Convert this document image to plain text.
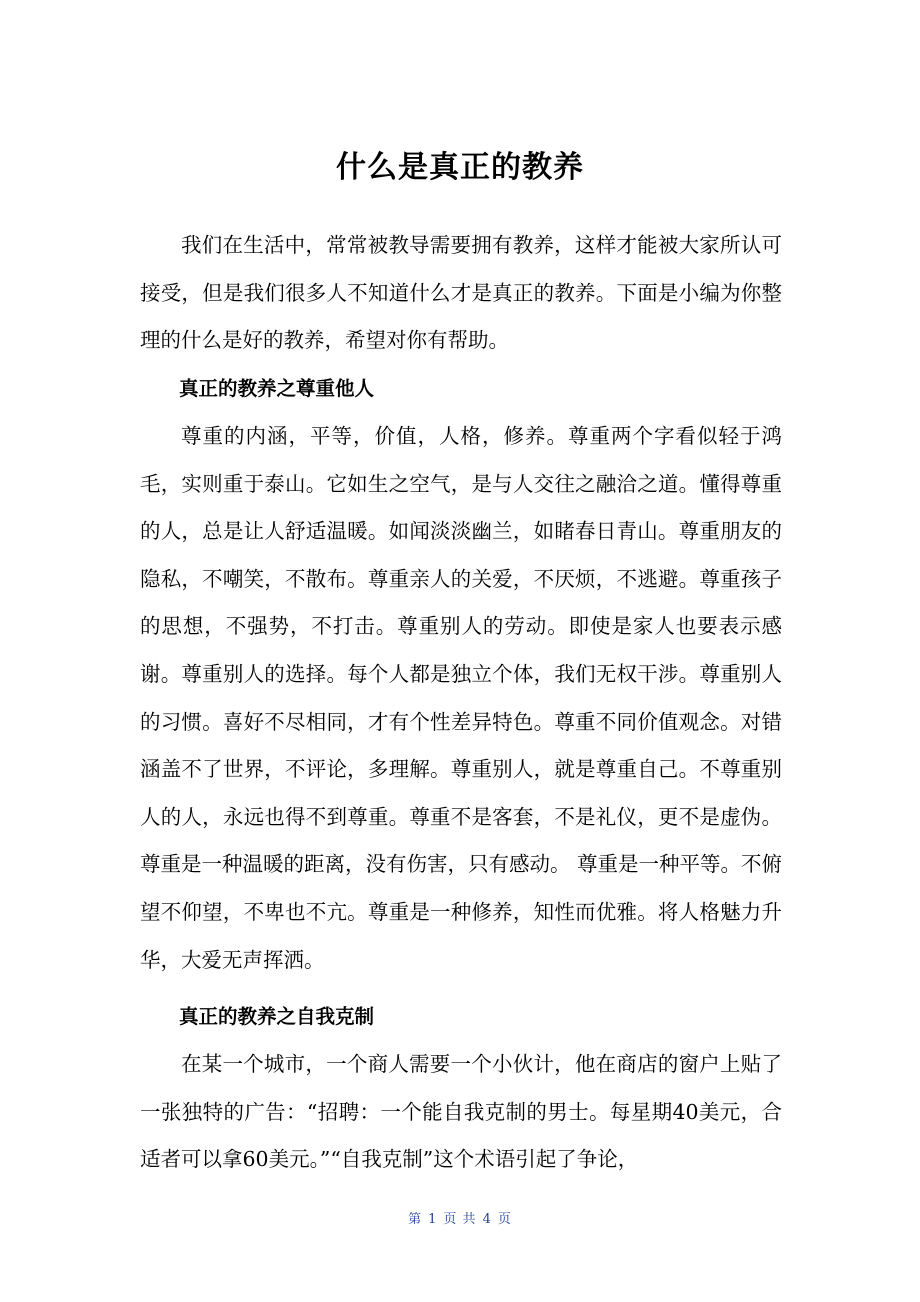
什么是真正的教养

我们在生活中，常常被教导需要拥有教养，这样才能被大家所认可接受，但是我们很多人不知道什么才是真正的教养。下面是小编为你整理的什么是好的教养，希望对你有帮助。

真正的教养之尊重他人

尊重的内涵，平等，价值，人格，修养。尊重两个字看似轻于鸿毛，实则重于泰山。它如生之空气，是与人交往之融洽之道。懂得尊重的人，总是让人舒适温暖。如闻淡淡幽兰，如睹春日青山。尊重朋友的隐私，不嘲笑，不散布。尊重亲人的关爱，不厌烦，不逃避。尊重孩子的思想，不强势，不打击。尊重别人的劳动。即使是家人也要表示感谢。尊重别人的选择。每个人都是独立个体，我们无权干涉。尊重别人的习惯。喜好不尽相同，才有个性差异特色。尊重不同价值观念。对错涵盖不了世界，不评论，多理解。尊重别人，就是尊重自己。不尊重别人的人，永远也得不到尊重。尊重不是客套，不是礼仪，更不是虚伪。尊重是一种温暖的距离，没有伤害，只有感动。 尊重是一种平等。不俯望不仰望，不卑也不亢。尊重是一种修养，知性而优雅。将人格魅力升华，大爱无声挥洒。

真正的教养之自我克制

在某一个城市，一个商人需要一个小伙计，他在商店的窗户上贴了一张独特的广告：“招聘：一个能自我克制的男士。每星期40美元，合适者可以拿60美元。”“自我克制”这个术语引起了争论，

第 1 页 共 4 页
